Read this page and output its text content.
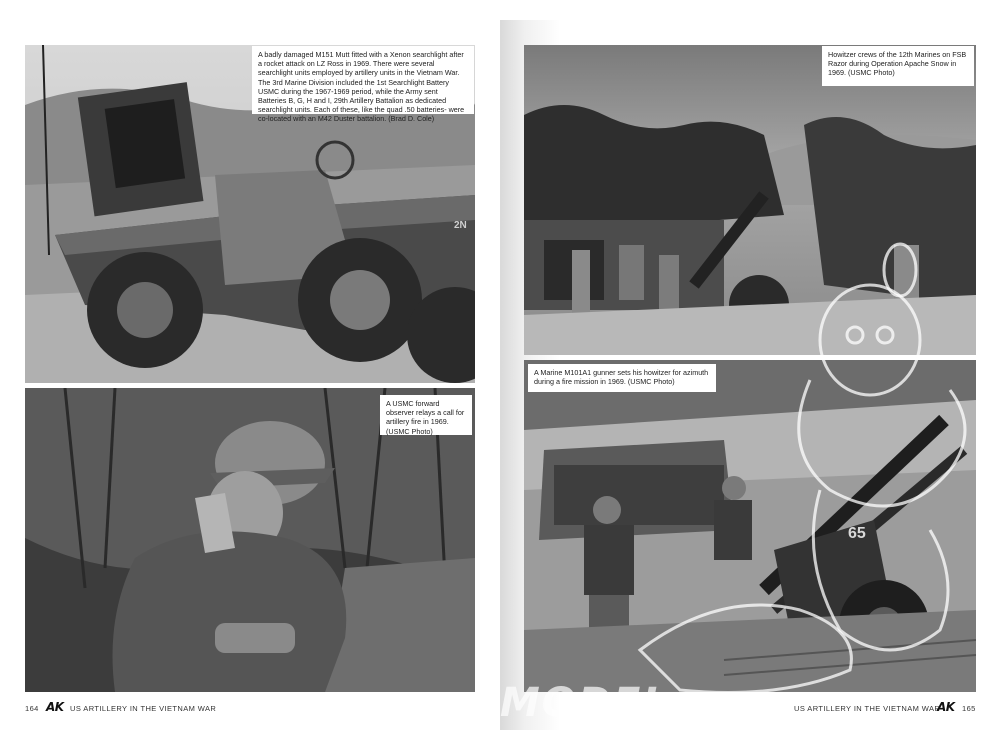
A badly damaged M151 Mutt fitted with a Xenon searchlight after a rocket attack on LZ Ross in 1969. There were several searchlight units employed by artillery units in the Vietnam War. The 3rd Marine Division included the 1st Searchlight Battery USMC during the 1967-1969 period, while the Army sent Batteries B, G, H and I, 29th Artillery Battalion as dedicated searchlight units. Each of these, like the quad .50 batteries- were co-located with an M42 Duster battalion. (Brad D. Cole)
2N
A USMC forward observer relays a call for artillery fire in 1969. (USMC Photo)
164 AK US ARTILLERY IN THE VIETNAM WAR
Howitzer crews of the 12th Marines on FSB Razor during Operation Apache Snow in 1969. (USMC Photo)
A Marine M101A1 gunner sets his howitzer for azimuth during a fire mission in 1969. (USMC Photo)
65
MODEL	US ARTILLERY IN THE VIETNAM WAR
AK 165
